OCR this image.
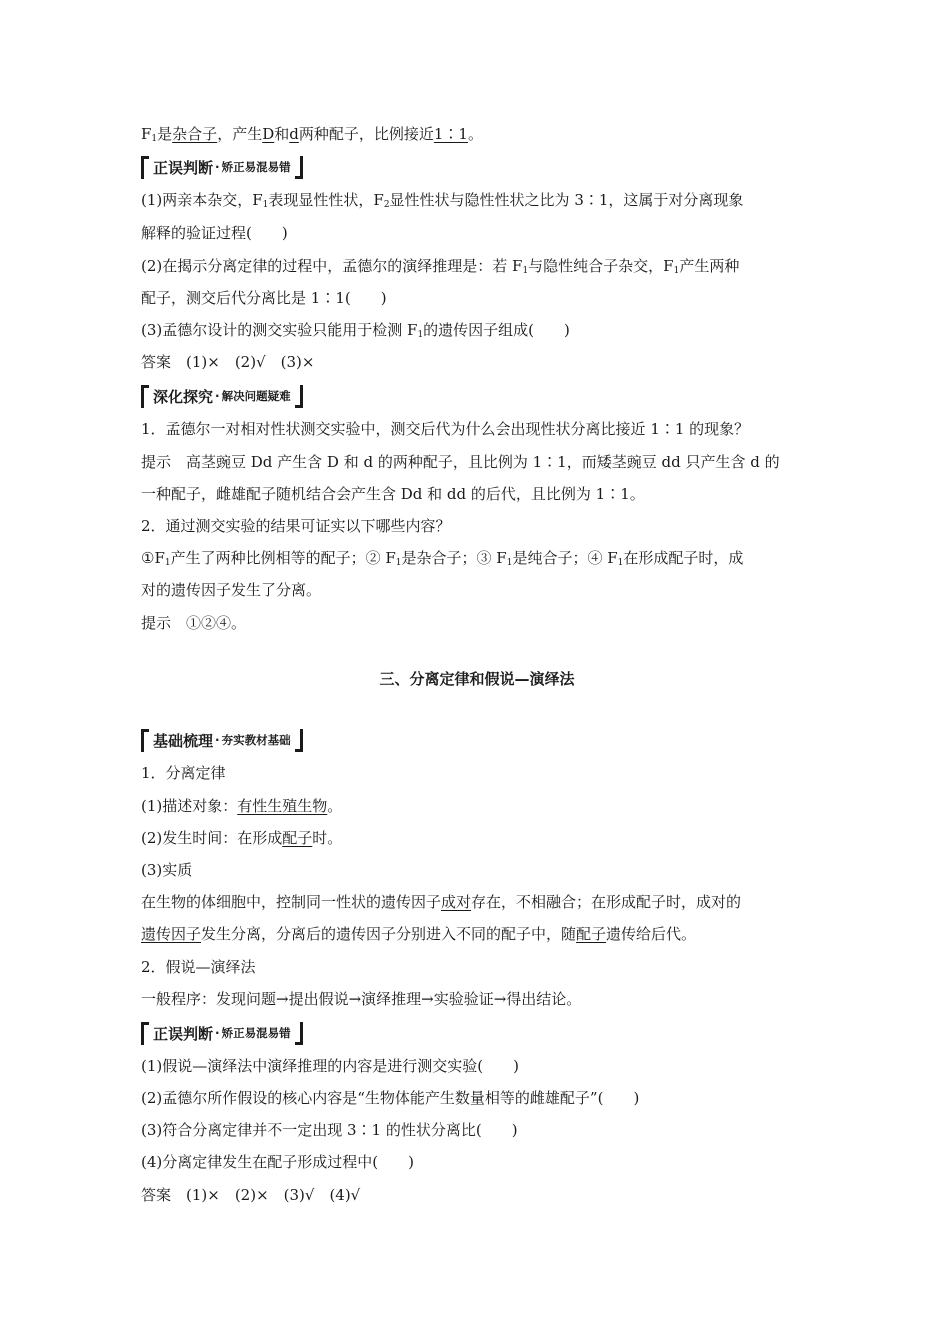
$F_1$是杂合子，产生D和d两种配子，比例接近1∶1。
正误判断 · 矫正易混易错
(1)两亲本杂交，$F_1$表现显性性状，$F_2$显性性状与隐性性状之比为 3∶1，这属于对分离现象
解释的验证过程(　　)
(2)在揭示分离定律的过程中，孟德尔的演绎推理是：若 $F_1$与隐性纯合子杂交，$F_1$产生两种
配子，测交后代分离比是 1∶1(　　)
(3)孟德尔设计的测交实验只能用于检测 $F_1$的遗传因子组成(　　)
答案　(1)×　(2)√　(3)×
深化探究 · 解决问题疑难
1．孟德尔一对相对性状测交实验中，测交后代为什么会出现性状分离比接近 1∶1 的现象？
提示　高茎豌豆 Dd 产生含 D 和 d 的两种配子，且比例为 1∶1，而矮茎豌豆 dd 只产生含 d 的
一种配子，雌雄配子随机结合会产生含 Dd 和 dd 的后代，且比例为 1∶1。
2．通过测交实验的结果可证实以下哪些内容？
$①F_1$产生了两种比例相等的配子；② $F_1$是杂合子；③ $F_1$是纯合子；④ $F_1$在形成配子时，成
对的遗传因子发生了分离。
提示　①②④。
三、分离定律和假说—演绎法
基础梳理 · 夯实教材基础
1．分离定律
(1)描述对象：有性生殖生物。
(2)发生时间：在形成配子时。
(3)实质
在生物的体细胞中，控制同一性状的遗传因子成对存在，不相融合；在形成配子时，成对的
遗传因子发生分离，分离后的遗传因子分别进入不同的配子中，随配子遗传给后代。
2．假说—演绎法
一般程序：发现问题→提出假说→演绎推理→实验验证→得出结论。
正误判断 · 矫正易混易错
(1)假说—演绎法中演绎推理的内容是进行测交实验(　　)
(2)孟德尔所作假设的核心内容是“生物体能产生数量相等的雌雄配子”(　　)
(3)符合分离定律并不一定出现 3∶1 的性状分离比(　　)
(4)分离定律发生在配子形成过程中(　　)
答案　(1)×　(2)×　(3)√　(4)√
